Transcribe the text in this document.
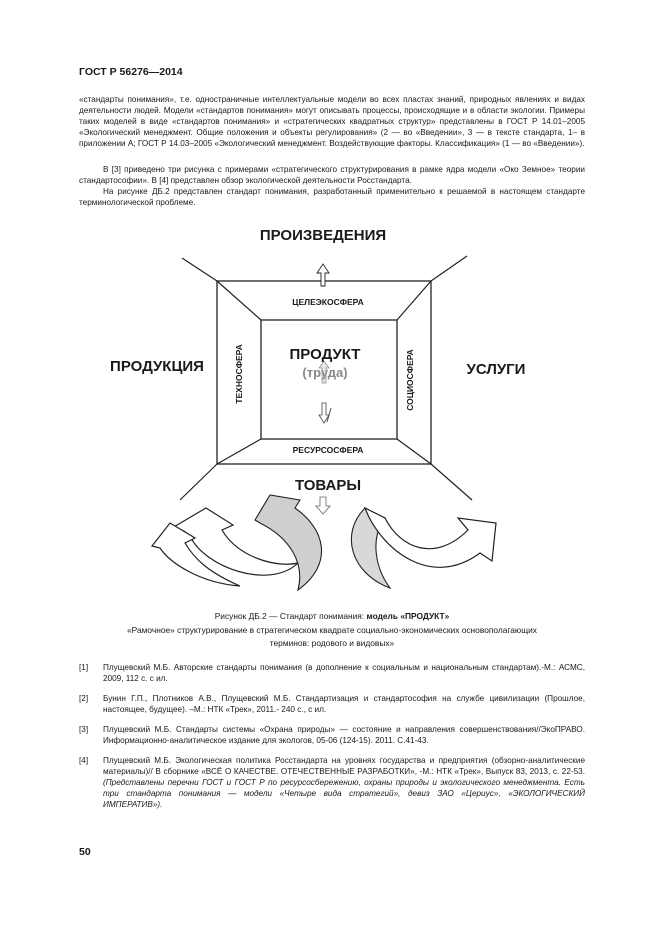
ГОСТ Р 56276—2014

«стандарты понимания», т.е. одностраничные интеллектуальные модели во всех пластах знаний, природных явлениях и видах деятельности людей. Модели «стандартов понимания» могут описывать процессы, происходящие и в области экологии. Примеры таких моделей в виде «стандартов понимания» и «стратегических квадратных структур» представлены в ГОСТ Р 14.01–2005 «Экологический менеджмент. Общие положения и объекты регулирования» (2 — во «Введении», 3 — в тексте стандарта, 1– в приложении А; ГОСТ Р 14.03–2005 «Экологический менеджмент. Воздействующие факторы. Классификация» (1 — во «Введении»).

В [3] приведено три рисунка с примерами «стратегического структурирования в рамке ядра модели «Око Земное» теории стандартософии». В [4] представлен обзор экологической деятельности Росстандарта.

На рисунке ДБ.2 представлен стандарт понимания, разработанный применительно к решаемой в настоящем стандарте терминологической проблеме.

ПРОИЗВЕДЕНИЯ
ПРОДУКЦИЯ	УСЛУГИ
ТОВАРЫ
ЦЕЛЕЭКОСФЕРА
РЕСУРСОСФЕРА
ТЕХНОСФЕРА	СОЦИОСФЕРА
ПРОДУКТ
(труда)
Рисунок ДБ.2 — Стандарт понимания: модель «ПРОДУКТ»
«Рамочное» структурирование в стратегическом квадрате социально-экономических основополагающих
терминов: родового и видовых»
[1]	Плущевский М.Б. Авторские стандарты понимания (в дополнение к социальным и национальным стандартам).-М.: АСМС, 2009, 112 с. с ил.
[2]	Бунин Г.П., Плотников А.В., Плущевский М.Б. Стандартизация и стандартософия на службе цивилизации (Прошлое, настоящее, будущее). –М.: НТК «Трек», 2011.- 240 с., с ил.
[3]	Плущевский М.Б. Стандарты системы «Охрана природы» — состояние и направления совершенствования//ЭкоПРАВО. Информационно-аналитическое издание для экологов, 05-06 (124-15). 2011. С.41-43.
[4]	Плущевский М.Б. Экологическая политика Росстандарта на уровнях государства и предприятия (обзорно-аналитические материалы)// В сборнике «ВСЁ О КАЧЕСТВЕ. ОТЕЧЕСТВЕННЫЕ РАЗРАБОТКИ», -М.: НТК «Трек», Выпуск 83, 2013, с. 22-53. (Представлены перечни ГОСТ и ГОСТ Р по ресурсосбережению, охраны природы и экологического менеджмента. Есть три стандарта понимания — модели «Четыре вида стратегий», девиз ЗАО «Цериус», «ЭКОЛОГИЧЕСКИЙ ИМПЕРАТИВ»).
50
